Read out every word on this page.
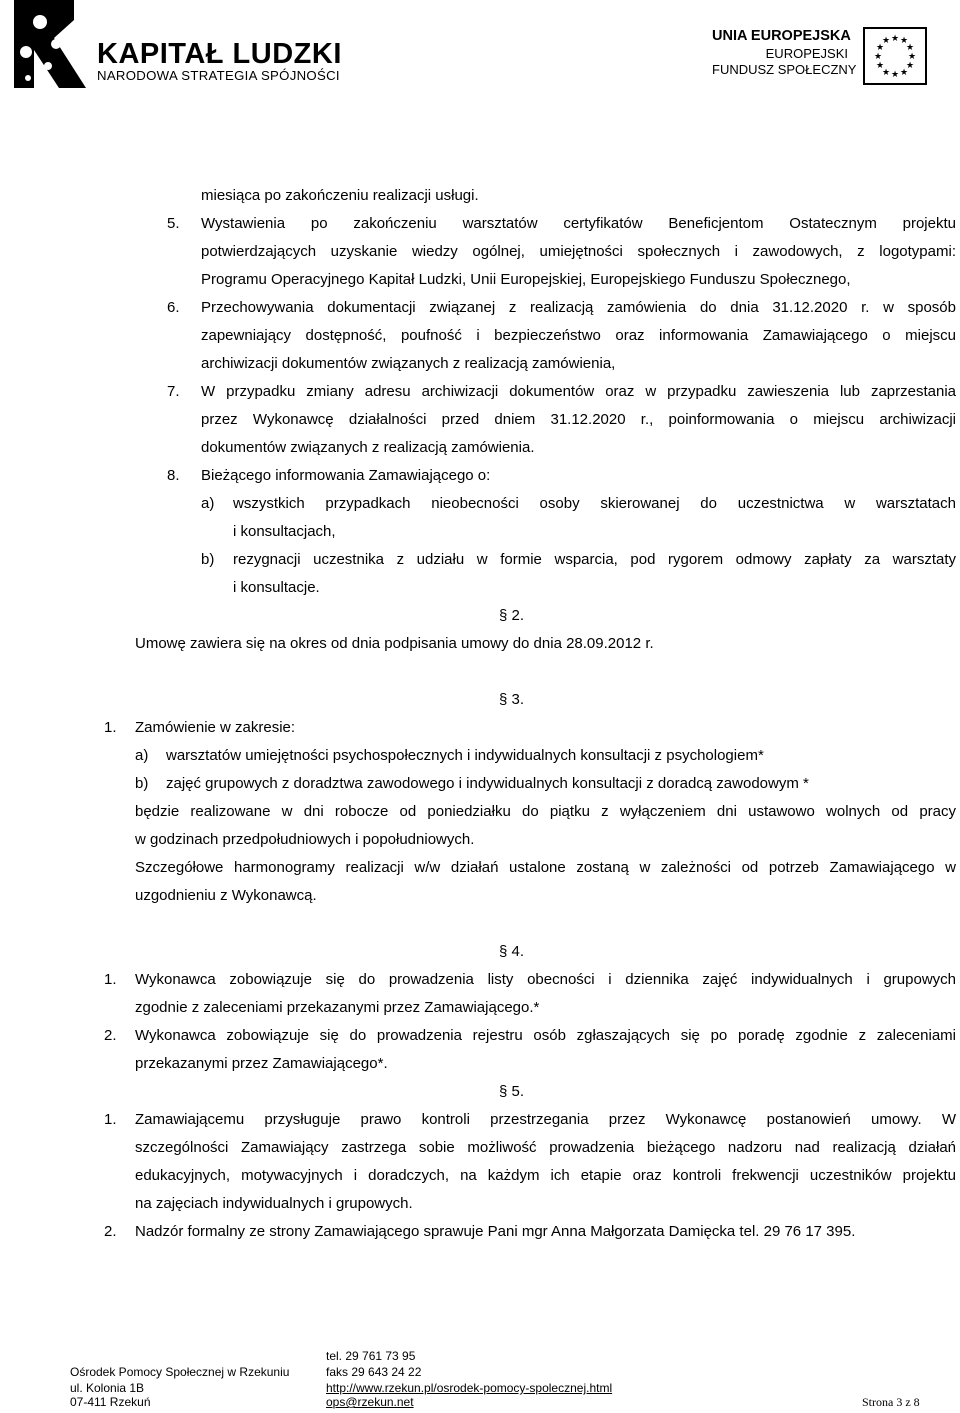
KAPITAŁ LUDZKI
NARODOWA STRATEGIA SPÓJNOŚCI
UNIA EUROPEJSKA
EUROPEJSKI
FUNDUSZ SPOŁECZNY
★ ★
★
★
★
★
★
★
★
★
★
★
miesiąca po zakończeniu realizacji usługi.
5. Wystawienia po zakończeniu warsztatów certyfikatów Beneficjentom Ostatecznym projektu
potwierdzających uzyskanie wiedzy ogólnej, umiejętności społecznych i zawodowych, z logotypami:
Programu Operacyjnego Kapitał Ludzki, Unii Europejskiej, Europejskiego Funduszu Społecznego,
6. Przechowywania dokumentacji związanej z realizacją zamówienia do dnia 31.12.2020 r. w sposób
zapewniający dostępność, poufność i bezpieczeństwo oraz informowania Zamawiającego o miejscu
archiwizacji dokumentów związanych z realizacją zamówienia,
7. W przypadku zmiany adresu archiwizacji dokumentów oraz w przypadku zawieszenia lub zaprzestania
przez Wykonawcę działalności przed dniem 31.12.2020 r., poinformowania o miejscu archiwizacji
dokumentów związanych z realizacją zamówienia.
8. Bieżącego informowania Zamawiającego o:
a) wszystkich przypadkach nieobecności osoby skierowanej do uczestnictwa w warsztatach
i konsultacjach,
b) rezygnacji uczestnika z udziału w formie wsparcia, pod rygorem odmowy zapłaty za warsztaty
i konsultacje.
§ 2.
Umowę zawiera się na okres od dnia podpisania umowy do dnia 28.09.2012 r.
§ 3.
1. Zamówienie w zakresie:
a) warsztatów umiejętności psychospołecznych i indywidualnych konsultacji z psychologiem*
b) zajęć grupowych z doradztwa zawodowego i indywidualnych konsultacji z doradcą zawodowym *
będzie realizowane w dni robocze od poniedziałku do piątku z wyłączeniem dni ustawowo wolnych od pracy
w godzinach przedpołudniowych i popołudniowych.
Szczegółowe harmonogramy realizacji w/w działań ustalone zostaną w zależności od potrzeb Zamawiającego w
uzgodnieniu z Wykonawcą.
§ 4.
1. Wykonawca zobowiązuje się do prowadzenia listy obecności i dziennika zajęć indywidualnych i grupowych
zgodnie z zaleceniami przekazanymi przez Zamawiającego.*
2. Wykonawca zobowiązuje się do prowadzenia rejestru osób zgłaszających się po poradę zgodnie z zaleceniami
przekazanymi przez Zamawiającego*.
§ 5.
1. Zamawiającemu przysługuje prawo kontroli przestrzegania przez Wykonawcę postanowień umowy. W
szczególności Zamawiający zastrzega sobie możliwość prowadzenia bieżącego nadzoru nad realizacją działań
edukacyjnych, motywacyjnych i doradczych, na każdym ich etapie oraz kontroli frekwencji uczestników projektu
na zajęciach indywidualnych i grupowych.
2. Nadzór formalny ze strony Zamawiającego sprawuje Pani mgr Anna Małgorzata Damięcka tel. 29 76 17 395.
tel. 29 761 73 95
Ośrodek Pomocy Społecznej w Rzekuniu	faks 29 643 24 22
ul. Kolonia 1B	http://www.rzekun.pl/osrodek-pomocy-spolecznej.html
07-411 Rzekuń	ops@rzekun.net	Strona 3 z 8
